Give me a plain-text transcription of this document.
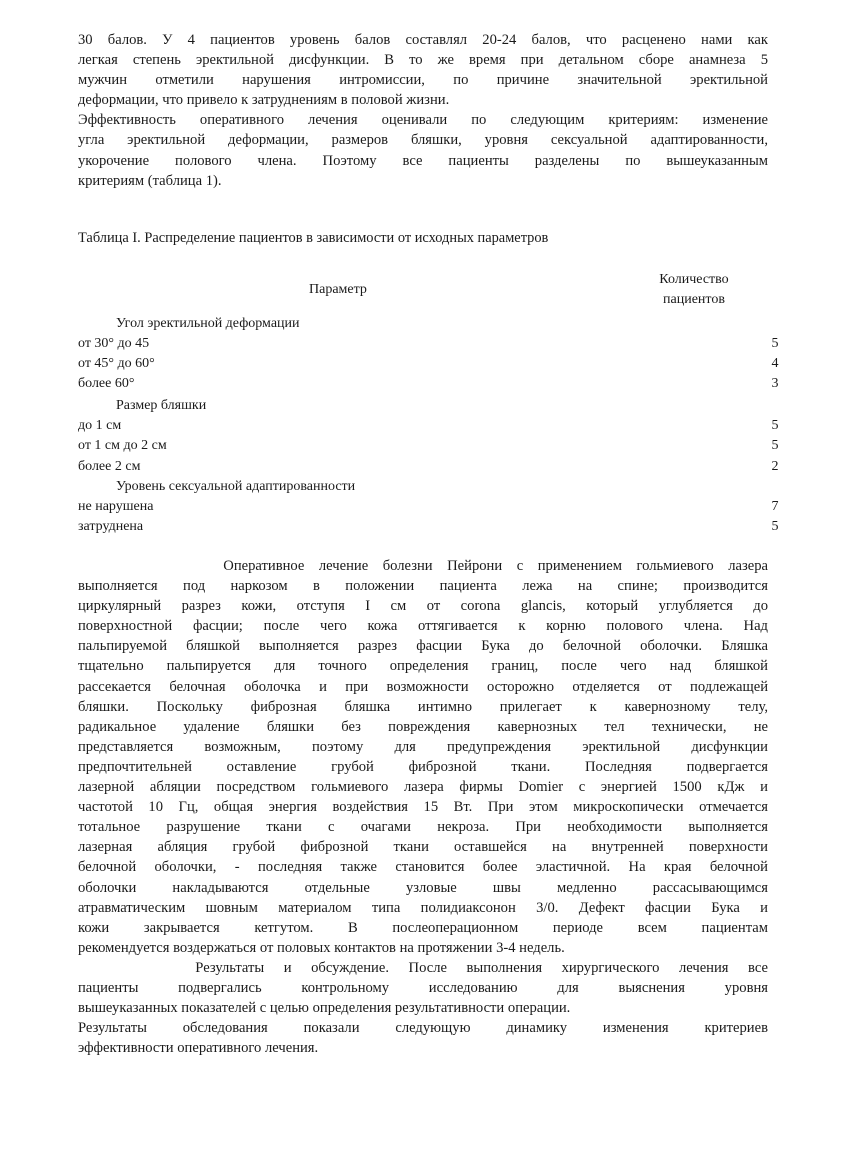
30 балов. У 4 пациентов уровень балов составлял 20-24 балов, что расценено нами как
легкая степень эректильной дисфункции. В то же время при детальном сборе анамнеза 5
мужчин отметили нарушения интромиссии, по причине значительной эректильной
деформации, что привело к затруднениям в половой жизни.
Эффективность оперативного лечения оценивали по следующим критериям: изменение
угла эректильной деформации, размеров бляшки, уровня сексуальной адаптированности,
укорочение полового члена. Поэтому все пациенты разделены по вышеуказанным
критериям (таблица 1).
Таблица I. Распределение пациентов в зависимости от исходных параметров
Параметр
Количество
пациентов
Угол эректильной деформации
от 30° до 45	5
от 45° до 60°	4
более 60°	3
Размер бляшки
до 1 см	5
от 1 см до 2 см	5
более 2 см	2
Уровень сексуальной адаптированности
не нарушена	7
затруднена	5
Оперативное лечение болезни Пейрони с применением гольмиевого лазера
выполняется под наркозом в положении пациента лежа на спине; производится
циркулярный разрез кожи, отступя I см от corona glancis, который углубляется до
поверхностной фасции; после чего кожа оттягивается к корню полового члена. Над
пальпируемой бляшкой выполняется разрез фасции Бука до белочной оболочки. Бляшка
тщательно пальпируется для точного определения границ, после чего над бляшкой
рассекается белочная оболочка и при возможности осторожно отделяется от подлежащей
бляшки. Поскольку фиброзная бляшка интимно прилегает к кавернозному телу,
радикальное удаление бляшки без повреждения кавернозных тел технически, не
представляется возможным, поэтому для предупреждения эректильной дисфункции
предпочтительней оставление грубой фиброзной ткани. Последняя подвергается
лазерной абляции посредством гольмиевого лазера фирмы Domier с энергией 1500 кДж и
частотой 10 Гц, общая энергия воздействия 15 Вт. При этом микроскопически отмечается
тотальное разрушение ткани с очагами некроза. При необходимости выполняется
лазерная абляция грубой фиброзной ткани оставшейся на внутренней поверхности
белочной оболочки, - последняя также становится более эластичной. На края белочной
оболочки накладываются отдельные узловые швы медленно рассасывающимся
атравматическим шовным материалом типа полидиаксонон 3/0. Дефект фасции Бука и
кожи закрывается кетгутом. В послеоперационном периоде всем пациентам
рекомендуется воздержаться от половых контактов на протяжении 3-4 недель.
Результаты и обсуждение. После выполнения хирургического лечения все
пациенты подвергались контрольному исследованию для выяснения уровня
вышеуказанных показателей с целью определения результативности операции.
Результаты обследования показали следующую динамику изменения критериев
эффективности оперативного лечения.
